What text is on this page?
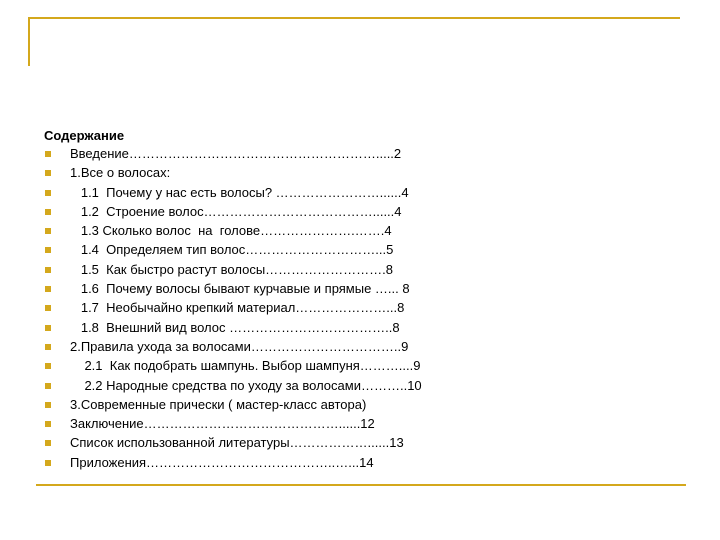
Содержание
Введение………………………………………………….....2
1.Все о волосах:
1.1  Почему у нас есть волосы? ……………………......4
1.2  Строение волос…………………………………......4
1.3 Сколько волос  на  голове………………….…….4
1.4  Определяем тип волос…………………………...5
1.5  Как быстро растут волосы……………………….8
1.6  Почему волосы бывают курчавые и прямые …... 8
1.7  Необычайно крепкий материал…………………...8
1.8  Внешний вид волос ………………………………..8
2.Правила ухода за волосами……………………………..9
2.1  Как подобрать шампунь. Выбор шампуня………....9
2.2 Народные средства по уходу за волосами………..10
3.Современные прически ( мастер-класс автора)
Заключение………………………………………......12
Список использованной литературы………………......13
Приложения……………………………………..…...14
